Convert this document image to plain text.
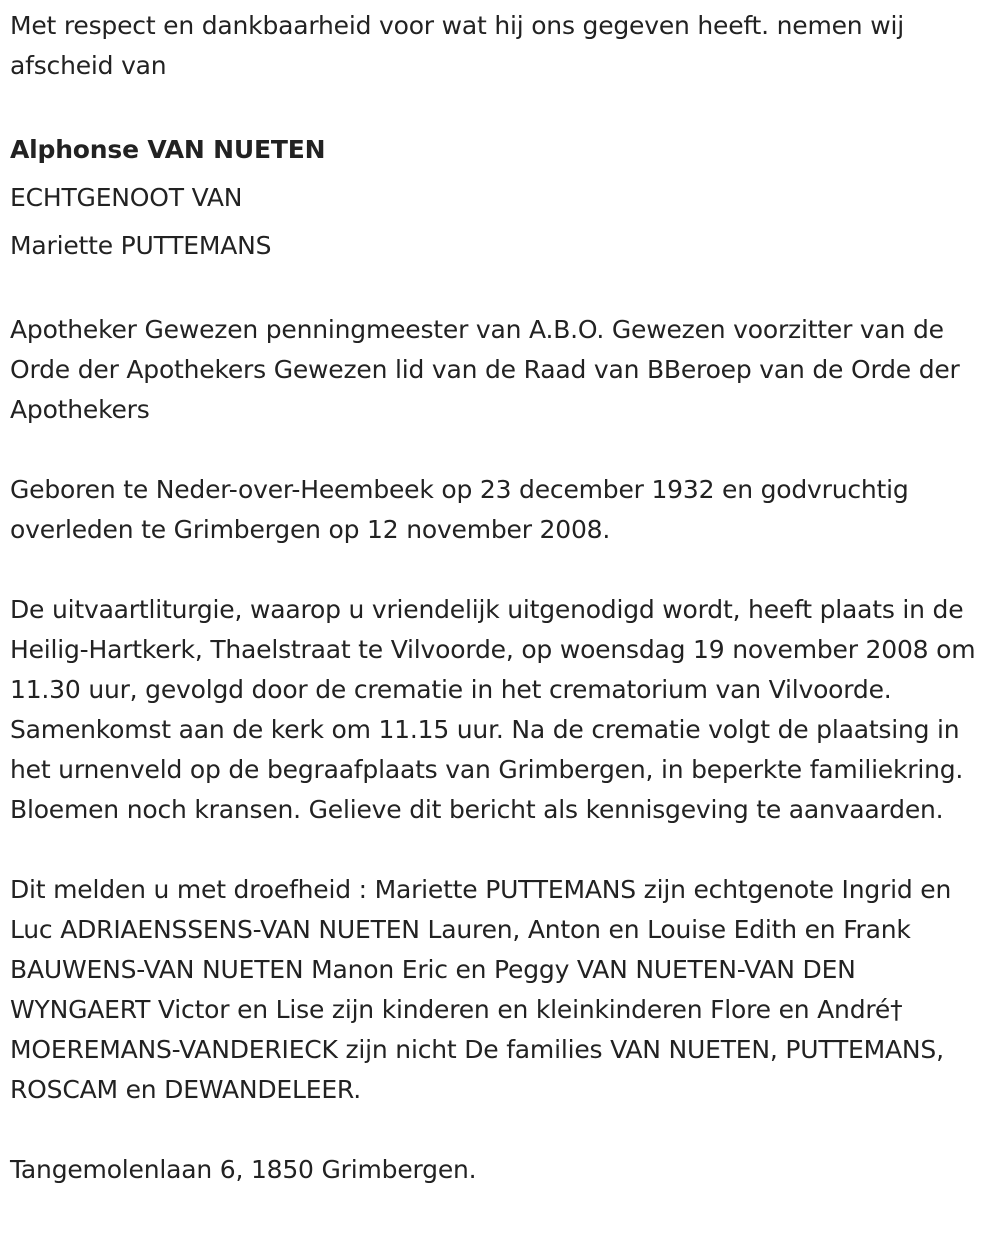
Met respect en dankbaarheid voor wat hij ons gegeven heeft. nemen wij afscheid van

Alphonse VAN NUETEN

ECHTGENOOT VAN

Mariette PUTTEMANS

Apotheker Gewezen penningmeester van A.B.O. Gewezen voorzitter van de Orde der Apothekers Gewezen lid van de Raad van BBeroep van de Orde der Apothekers

Geboren te Neder-over-Heembeek op 23 december 1932 en godvruchtig overleden te Grimbergen op 12 november 2008.

De uitvaartliturgie, waarop u vriendelijk uitgenodigd wordt, heeft plaats in de Heilig-Hartkerk, Thaelstraat te Vilvoorde, op woensdag 19 november 2008 om 11.30 uur, gevolgd door de crematie in het crematorium van Vilvoorde. Samenkomst aan de kerk om 11.15 uur. Na de crematie volgt de plaatsing in het urnenveld op de begraafplaats van Grimbergen, in beperkte familiekring. Bloemen noch kransen. Gelieve dit bericht als kennisgeving te aanvaarden.

Dit melden u met droefheid : Mariette PUTTEMANS zijn echtgenote Ingrid en Luc ADRIAENSSENS-VAN NUETEN Lauren, Anton en Louise Edith en Frank BAUWENS-VAN NUETEN Manon Eric en Peggy VAN NUETEN-VAN DEN WYNGAERT Victor en Lise zijn kinderen en kleinkinderen Flore en André† MOEREMANS-VANDERIECK zijn nicht De families VAN NUETEN, PUTTEMANS, ROSCAM en DEWANDELEER.

Tangemolenlaan 6, 1850 Grimbergen.
